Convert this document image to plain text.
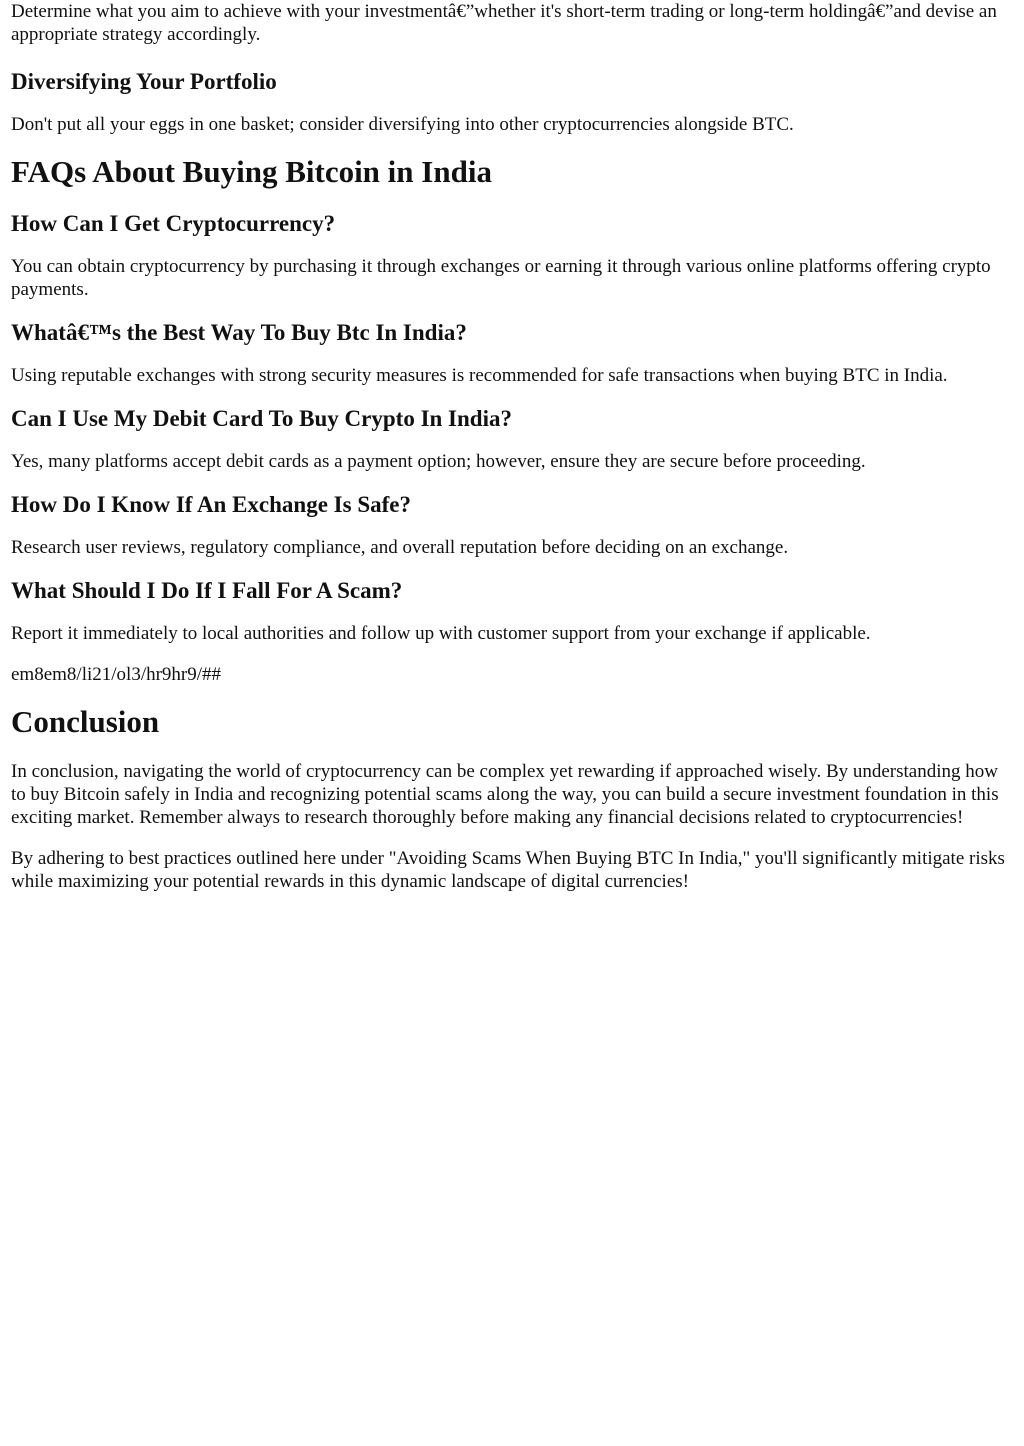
Determine what you aim to achieve with your investmentâ€”whether it's short-term trading or long-term holdingâ€”and devise an appropriate strategy accordingly.

Diversifying Your Portfolio

Don't put all your eggs in one basket; consider diversifying into other cryptocurrencies alongside BTC.

FAQs About Buying Bitcoin in India
How Can I Get Cryptocurrency?

You can obtain cryptocurrency by purchasing it through exchanges or earning it through various online platforms offering crypto payments.

Whatâ€™s the Best Way To Buy Btc In India?

Using reputable exchanges with strong security measures is recommended for safe transactions when buying BTC in India.

Can I Use My Debit Card To Buy Crypto In India?

Yes, many platforms accept debit cards as a payment option; however, ensure they are secure before proceeding.

How Do I Know If An Exchange Is Safe?

Research user reviews, regulatory compliance, and overall reputation before deciding on an exchange.

What Should I Do If I Fall For A Scam?

Report it immediately to local authorities and follow up with customer support from your exchange if applicable.

em8em8/li21/ol3/hr9hr9/##

Conclusion

In conclusion, navigating the world of cryptocurrency can be complex yet rewarding if approached wisely. By understanding how to buy Bitcoin safely in India and recognizing potential scams along the way, you can build a secure investment foundation in this exciting market. Remember always to research thoroughly before making any financial decisions related to cryptocurrencies!

By adhering to best practices outlined here under "Avoiding Scams When Buying BTC In India," you'll significantly mitigate risks while maximizing your potential rewards in this dynamic landscape of digital currencies!
